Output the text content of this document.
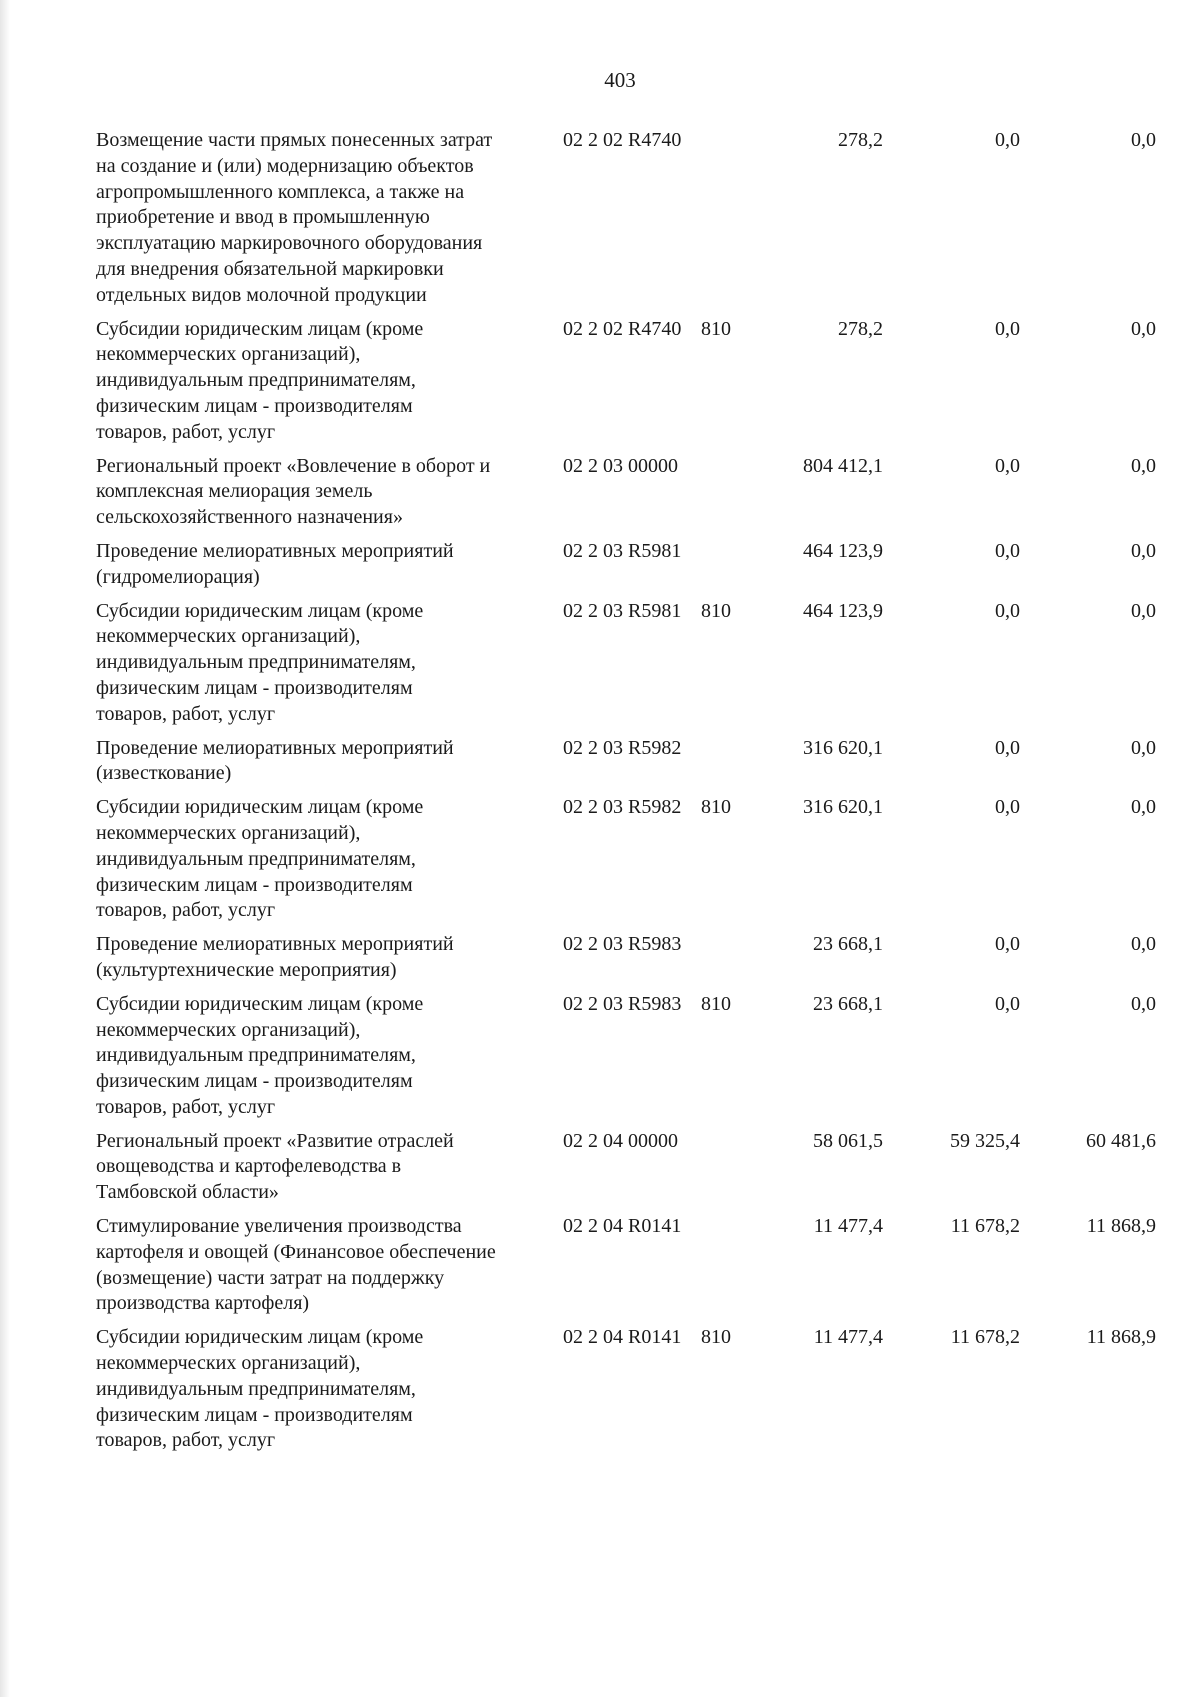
403
Возмещение части прямых понесенных затрат
на создание и (или) модернизацию объектов
агропромышленного комплекса, а также на
приобретение и ввод в промышленную
эксплуатацию маркировочного оборудования
для внедрения обязательной маркировки
отдельных видов молочной продукции
02 2 02 R4740	278,2	0,0	0,0
Субсидии юридическим лицам (кроме
некоммерческих организаций),
индивидуальным предпринимателям,
физическим лицам - производителям
товаров, работ, услуг
02 2 02 R4740 810	278,2	0,0	0,0
Региональный проект «Вовлечение в оборот и
комплексная мелиорация земель
сельскохозяйственного назначения»
02 2 03 00000	804 412,1	0,0	0,0
Проведение мелиоративных мероприятий
(гидромелиорация)
02 2 03 R5981	464 123,9	0,0	0,0
Субсидии юридическим лицам (кроме
некоммерческих организаций),
индивидуальным предпринимателям,
физическим лицам - производителям
товаров, работ, услуг
02 2 03 R5981 810	464 123,9	0,0	0,0
Проведение мелиоративных мероприятий
(известкование)
02 2 03 R5982	316 620,1	0,0	0,0
Субсидии юридическим лицам (кроме
некоммерческих организаций),
индивидуальным предпринимателям,
физическим лицам - производителям
товаров, работ, услуг
02 2 03 R5982 810	316 620,1	0,0	0,0
Проведение мелиоративных мероприятий
(культуртехнические мероприятия)
02 2 03 R5983	23 668,1	0,0	0,0
Субсидии юридическим лицам (кроме
некоммерческих организаций),
индивидуальным предпринимателям,
физическим лицам - производителям
товаров, работ, услуг
02 2 03 R5983 810	23 668,1	0,0	0,0
Региональный проект «Развитие отраслей
овощеводства и картофелеводства в
Тамбовской области»
02 2 04 00000	58 061,5	59 325,4	60 481,6
Стимулирование увеличения производства
картофеля и овощей (Финансовое обеспечение
(возмещение) части затрат на поддержку
производства картофеля)
02 2 04 R0141	11 477,4	11 678,2	11 868,9
Субсидии юридическим лицам (кроме
некоммерческих организаций),
индивидуальным предпринимателям,
физическим лицам - производителям
товаров, работ, услуг
02 2 04 R0141 810	11 477,4	11 678,2	11 868,9
